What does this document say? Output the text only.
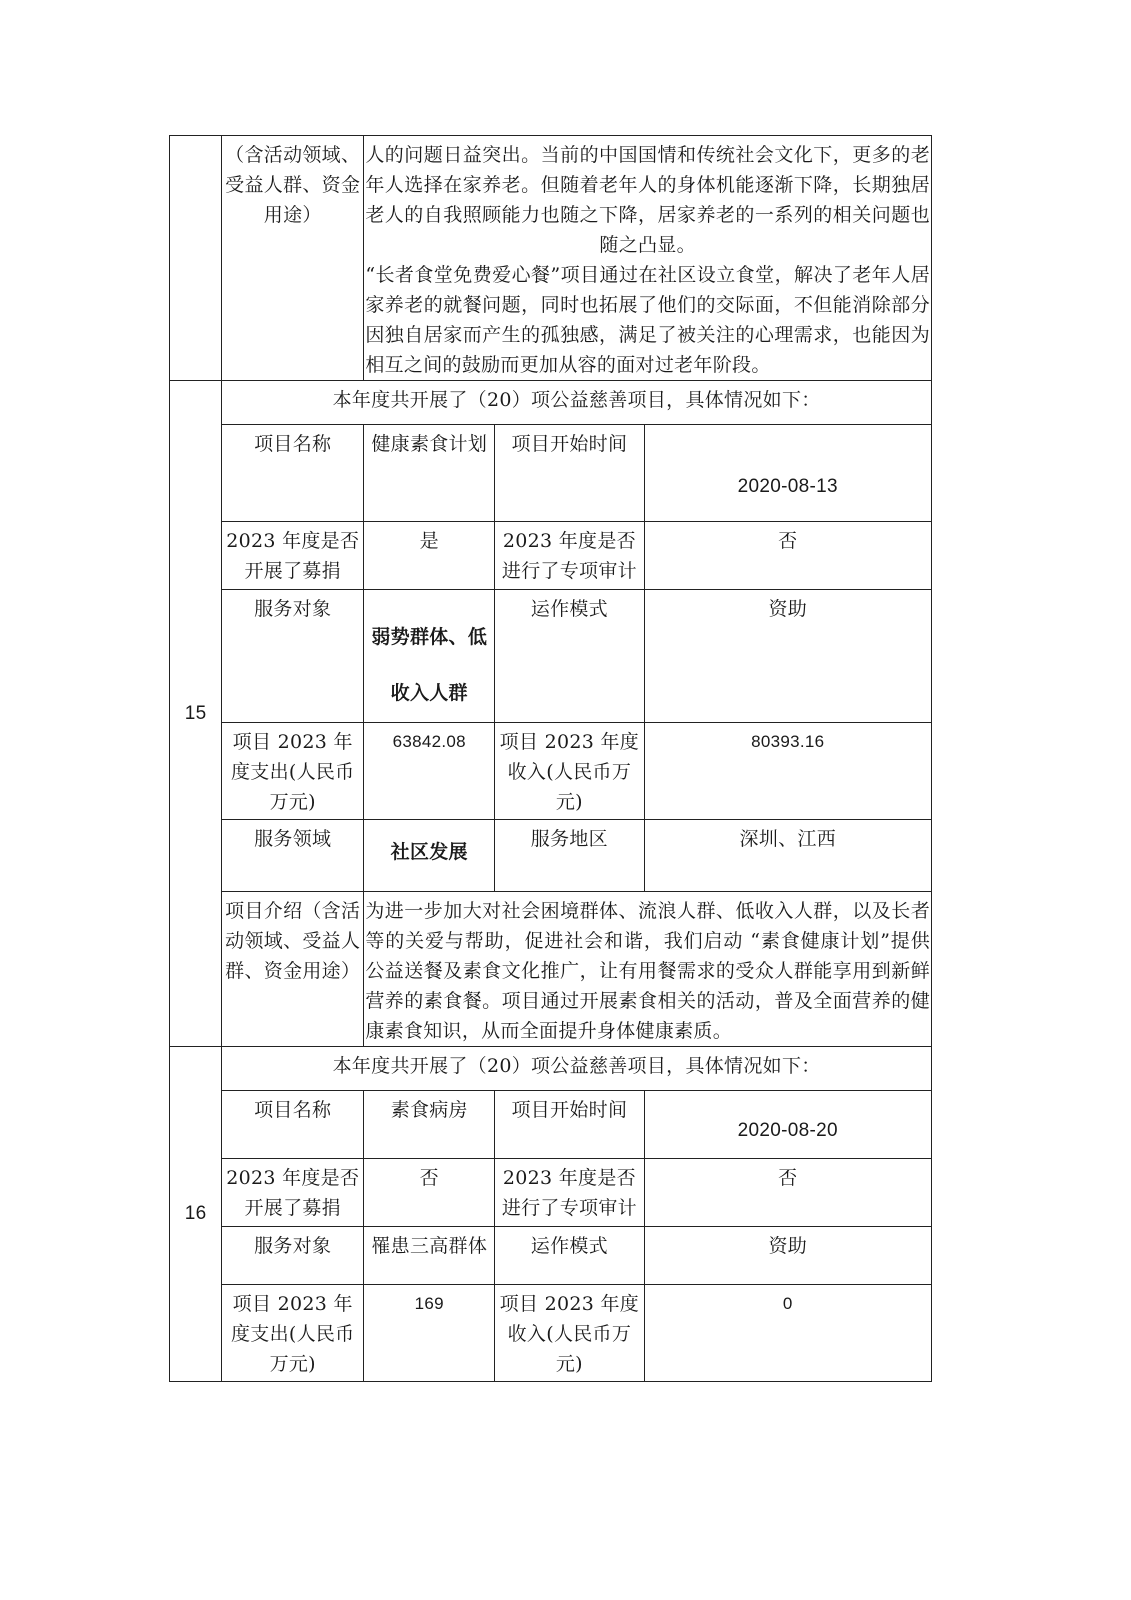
	（含活动领域、受益人群、资金用途）	人的问题日益突出。当前的中国国情和传统社会文化下，更多的老年人选择在家养老。但随着老年人的身体机能逐渐下降，长期独居老人的自我照顾能力也随之下降，居家养老的一系列的相关问题也随之凸显。
“长者食堂免费爱心餐”项目通过在社区设立食堂，解决了老年人居家养老的就餐问题，同时也拓展了他们的交际面，不但能消除部分因独自居家而产生的孤独感，满足了被关注的心理需求，也能因为相互之间的鼓励而更加从容的面对过老年阶段。		

15	本年度共开展了（20）项公益慈善项目，具体情况如下：			
	项目名称	健康素食计划	项目开始时间	2020-08-13
	2023 年度是否开展了募捐	是	2023 年度是否进行了专项审计	否
	服务对象	弱势群体、低收入人群	运作模式	资助
	项目 2023 年度支出(人民币万元)	63842.08	项目 2023 年度收入(人民币万元)	80393.16
	服务领域	社区发展	服务地区	深圳、江西
	项目介绍（含活动领域、受益人群、资金用途）	为进一步加大对社会困境群体、流浪人群、低收入人群，以及长者等的关爱与帮助，促进社会和谐，我们启动 “素食健康计划”提供公益送餐及素食文化推广，让有用餐需求的受众人群能享用到新鲜营养的素食餐。项目通过开展素食相关的活动，普及全面营养的健康素食知识，从而全面提升身体健康素质。		
16	本年度共开展了（20）项公益慈善项目，具体情况如下：			
	项目名称	素食病房	项目开始时间	2020-08-20
	2023 年度是否开展了募捐	否	2023 年度是否进行了专项审计	否
	服务对象	罹患三高群体	运作模式	资助
	项目 2023 年度支出(人民币万元)	169	项目 2023 年度收入(人民币万元)	0
